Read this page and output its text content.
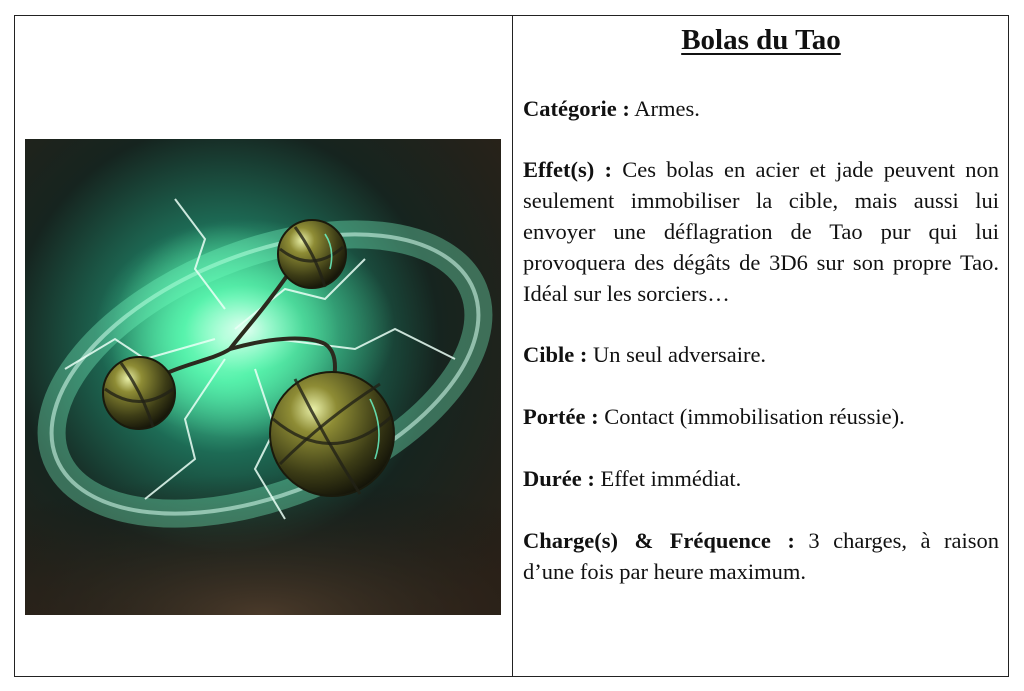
Bolas du Tao

Catégorie : Armes.

Effet(s) : Ces bolas en acier et jade peuvent non seulement immobiliser la cible, mais aussi lui envoyer une déflagration de Tao pur qui lui provoquera des dégâts de 3D6 sur son propre Tao. Idéal sur les sorciers…

Cible : Un seul adversaire.

Portée : Contact (immobilisation réussie).

Durée : Effet immédiat.

Charge(s) & Fréquence : 3 charges, à raison d’une fois par heure maximum.
